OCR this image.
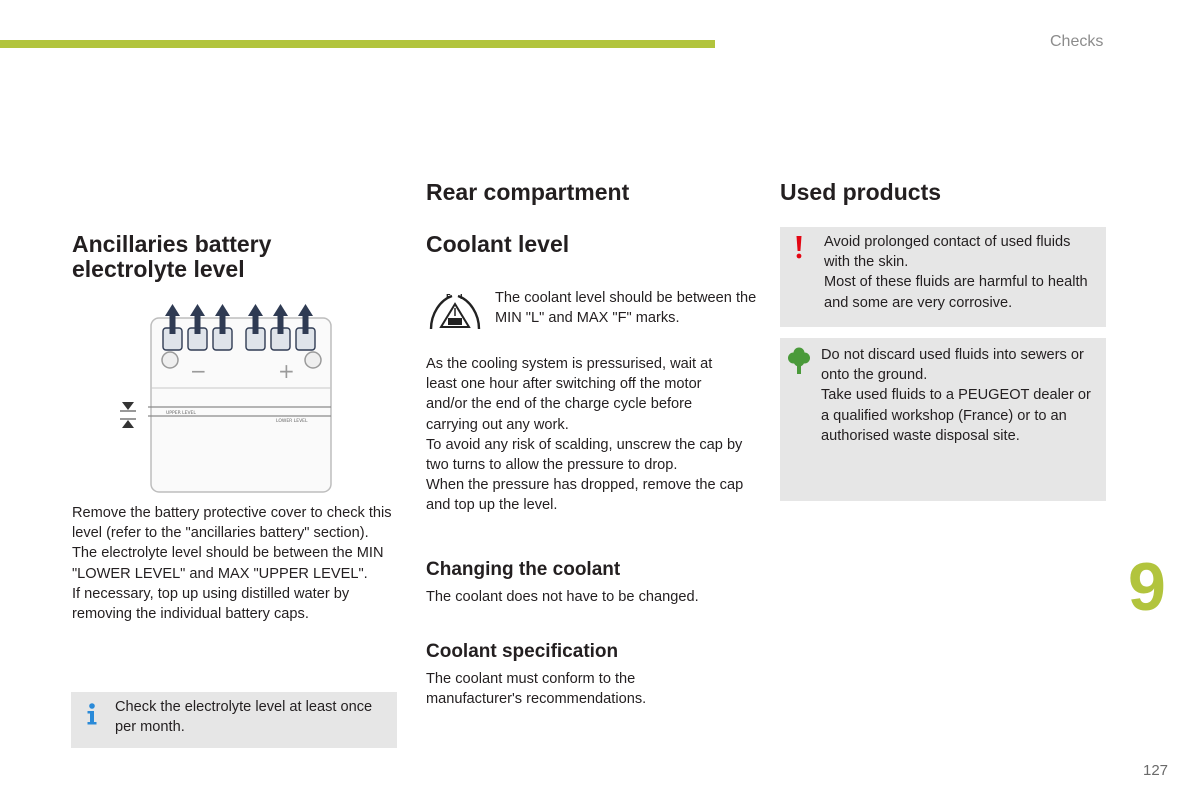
Checks
9
127
Ancillaries battery electrolyte level
−	+
UPPER LEVEL
LOWER LEVEL

Remove the battery protective cover to check this level (refer to the "ancillaries battery" section).

The electrolyte level should be between the MIN "LOWER LEVEL" and MAX "UPPER LEVEL".

If necessary, top up using distilled water by removing the individual battery caps.

Check the electrolyte level at least once per month.

Rear compartment
Coolant level
F L The coolant level should be between the MIN "L" and MAX "F" marks.

As the cooling system is pressurised, wait at least one hour after switching off the motor and/or the end of the charge cycle before carrying out any work.

To avoid any risk of scalding, unscrew the cap by two turns to allow the pressure to drop.

When the pressure has dropped, remove the cap and top up the level.

Changing the coolant

The coolant does not have to be changed.

Coolant specification

The coolant must conform to the manufacturer's recommendations.

Used products

Avoid prolonged contact of used fluids with the skin.

Most of these fluids are harmful to health and some are very corrosive.

Do not discard used fluids into sewers or onto the ground.

Take used fluids to a PEUGEOT dealer or a qualified workshop (France) or to an authorised waste disposal site.
